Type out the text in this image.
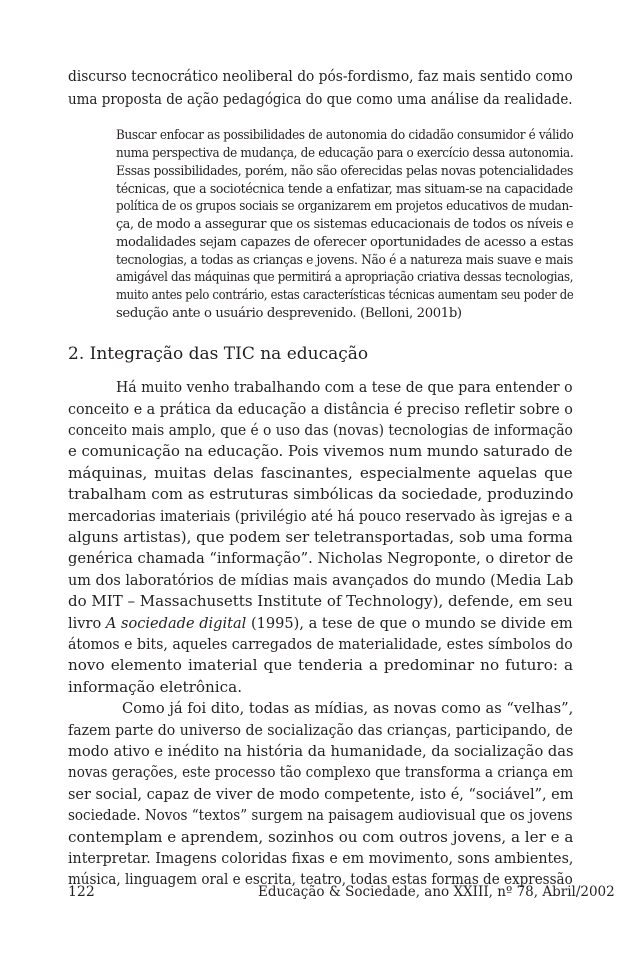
discurso tecnocrático neoliberal do pós-fordismo, faz mais sentido como
uma proposta de ação pedagógica do que como uma análise da realidade.
Buscar enfocar as possibilidades de autonomia do cidadão consumidor é válido
numa perspectiva de mudança, de educação para o exercício dessa autonomia.
Essas possibilidades, porém, não são oferecidas pelas novas potencialidades
técnicas, que a sociotécnica tende a enfatizar, mas situam-se na capacidade
política de os grupos sociais se organizarem em projetos educativos de mudan-
ça, de modo a assegurar que os sistemas educacionais de todos os níveis e
modalidades sejam capazes de oferecer oportunidades de acesso a estas
tecnologias, a todas as crianças e jovens. Não é a natureza mais suave e mais
amigável das máquinas que permitirá a apropriação criativa dessas tecnologias,
muito antes pelo contrário, estas características técnicas aumentam seu poder de
sedução ante o usuário desprevenido. (Belloni, 2001b)
2. Integração das TIC na educação
Há muito venho trabalhando com a tese de que para entender o
conceito e a prática da educação a distância é preciso refletir sobre o
conceito mais amplo, que é o uso das (novas) tecnologias de informação
e comunicação na educação. Pois vivemos num mundo saturado de
máquinas, muitas delas fascinantes, especialmente aquelas que
trabalham com as estruturas simbólicas da sociedade, produzindo
mercadorias imateriais (privilégio até há pouco reservado às igrejas e a
alguns artistas), que podem ser teletransportadas, sob uma forma
genérica chamada “informação”. Nicholas Negroponte, o diretor de
um dos laboratórios de mídias mais avançados do mundo (Media Lab
do MIT – Massachusetts Institute of Technology), defende, em seu
livro A sociedade digital (1995), a tese de que o mundo se divide em
átomos e bits, aqueles carregados de materialidade, estes símbolos do
novo elemento imaterial que tenderia a predominar no futuro: a
informação eletrônica.
Como já foi dito, todas as mídias, as novas como as “velhas”,
fazem parte do universo de socialização das crianças, participando, de
modo ativo e inédito na história da humanidade, da socialização das
novas gerações, este processo tão complexo que transforma a criança em
ser social, capaz de viver de modo competente, isto é, “sociável”, em
sociedade. Novos “textos” surgem na paisagem audiovisual que os jovens
contemplam e aprendem, sozinhos ou com outros jovens, a ler e a
interpretar. Imagens coloridas fixas e em movimento, sons ambientes,
música, linguagem oral e escrita, teatro, todas estas formas de expressão
122	Educação & Sociedade, ano XXIII, nº 78, Abril/2002
